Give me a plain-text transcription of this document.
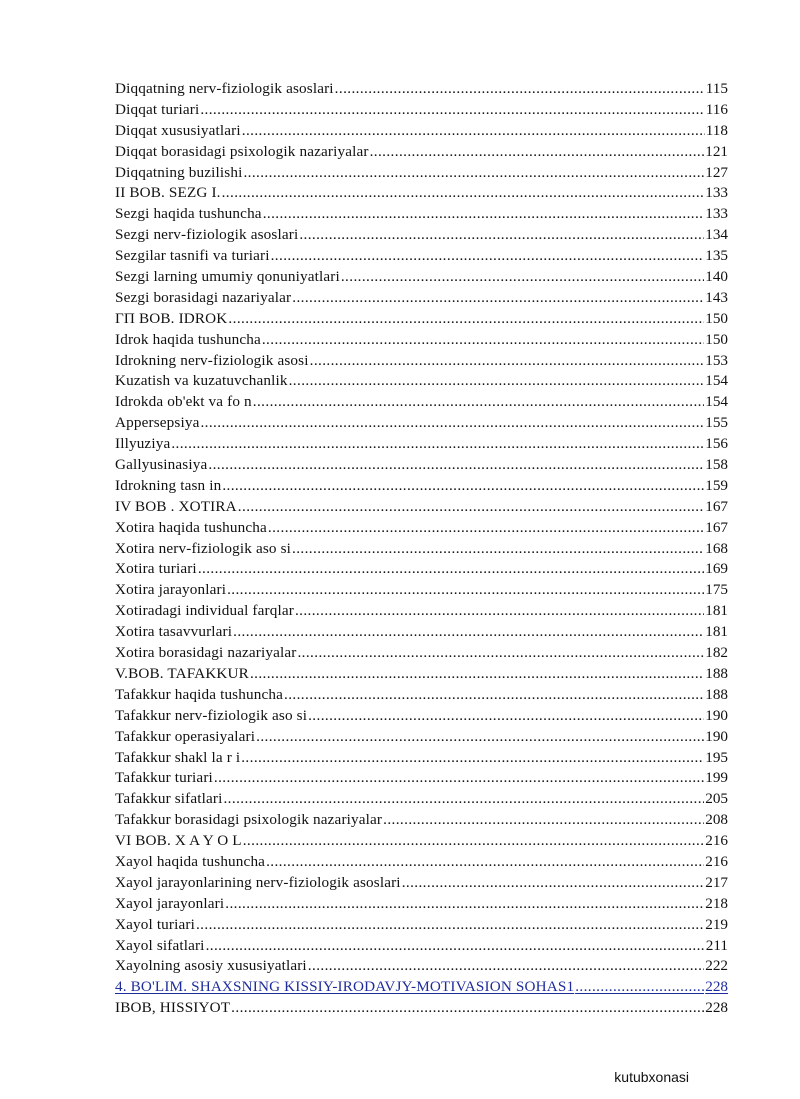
Diqqatning nerv-fiziologik asoslari .....	115
Diqqat turiari .....	116
Diqqat xususiyatlari .....	118
Diqqat borasidagi psixologik nazariyalar .....	121
Diqqatning buzilishi .....	127
II BOB. SEZG I. .....	133
Sezgi haqida tushuncha .....	133
Sezgi nerv-fiziologik asoslari .....	134
Sezgilar tasnifi va turiari .....	135
Sezgi larning umumiy qonuniyatlari .....	140
Sezgi borasidagi nazariyalar .....	143
ГП BOB. IDROK .....	150
Idrok haqida tushuncha .....	150
Idrokning nerv-fiziologik asosi .....	153
Kuzatish va kuzatuvchanlik .....	154
Idrokda ob'ekt va fo n .....	154
Appersepsiya .....	155
Illyuziya .....	156
Gallyusinasiya .....	158
Idrokning tasn in .....	159
IV BOB . XOTIRA .....	167
Xotira haqida tushuncha .....	167
Xotira nerv-fiziologik aso si .....	168
Xotira turiari .....	169
Xotira jarayonlari .....	175
Xotiradagi individual farqlar .....	181
Xotira tasavvurlari .....	181
Xotira borasidagi nazariyalar .....	182
V.BOB. TAFAKKUR .....	188
Tafakkur haqida tushuncha .....	188
Tafakkur nerv-fiziologik aso si .....	190
Tafakkur operasiyalari .....	190
Tafakkur shakl la r i .....	195
Tafakkur turiari .....	199
Tafakkur sifatlari .....	205
Tafakkur borasidagi psixologik nazariyalar .....	208
VI BOB. X A Y O L .....	216
Xayol haqida tushuncha .....	216
Xayol jarayonlarining nerv-fiziologik asoslari .....	217
Xayol jarayonlari .....	218
Xayol turiari .....	219
Xayol sifatlari .....	211
Xayolning asosiy xususiyatlari .....	222
4. BO'LIM. SHAXSNING KISSIY-IRODAVJY-MOTIVASION SOHAS1 .....	228
IBOB, HISSIYOT .....	228
kutubxonasi
